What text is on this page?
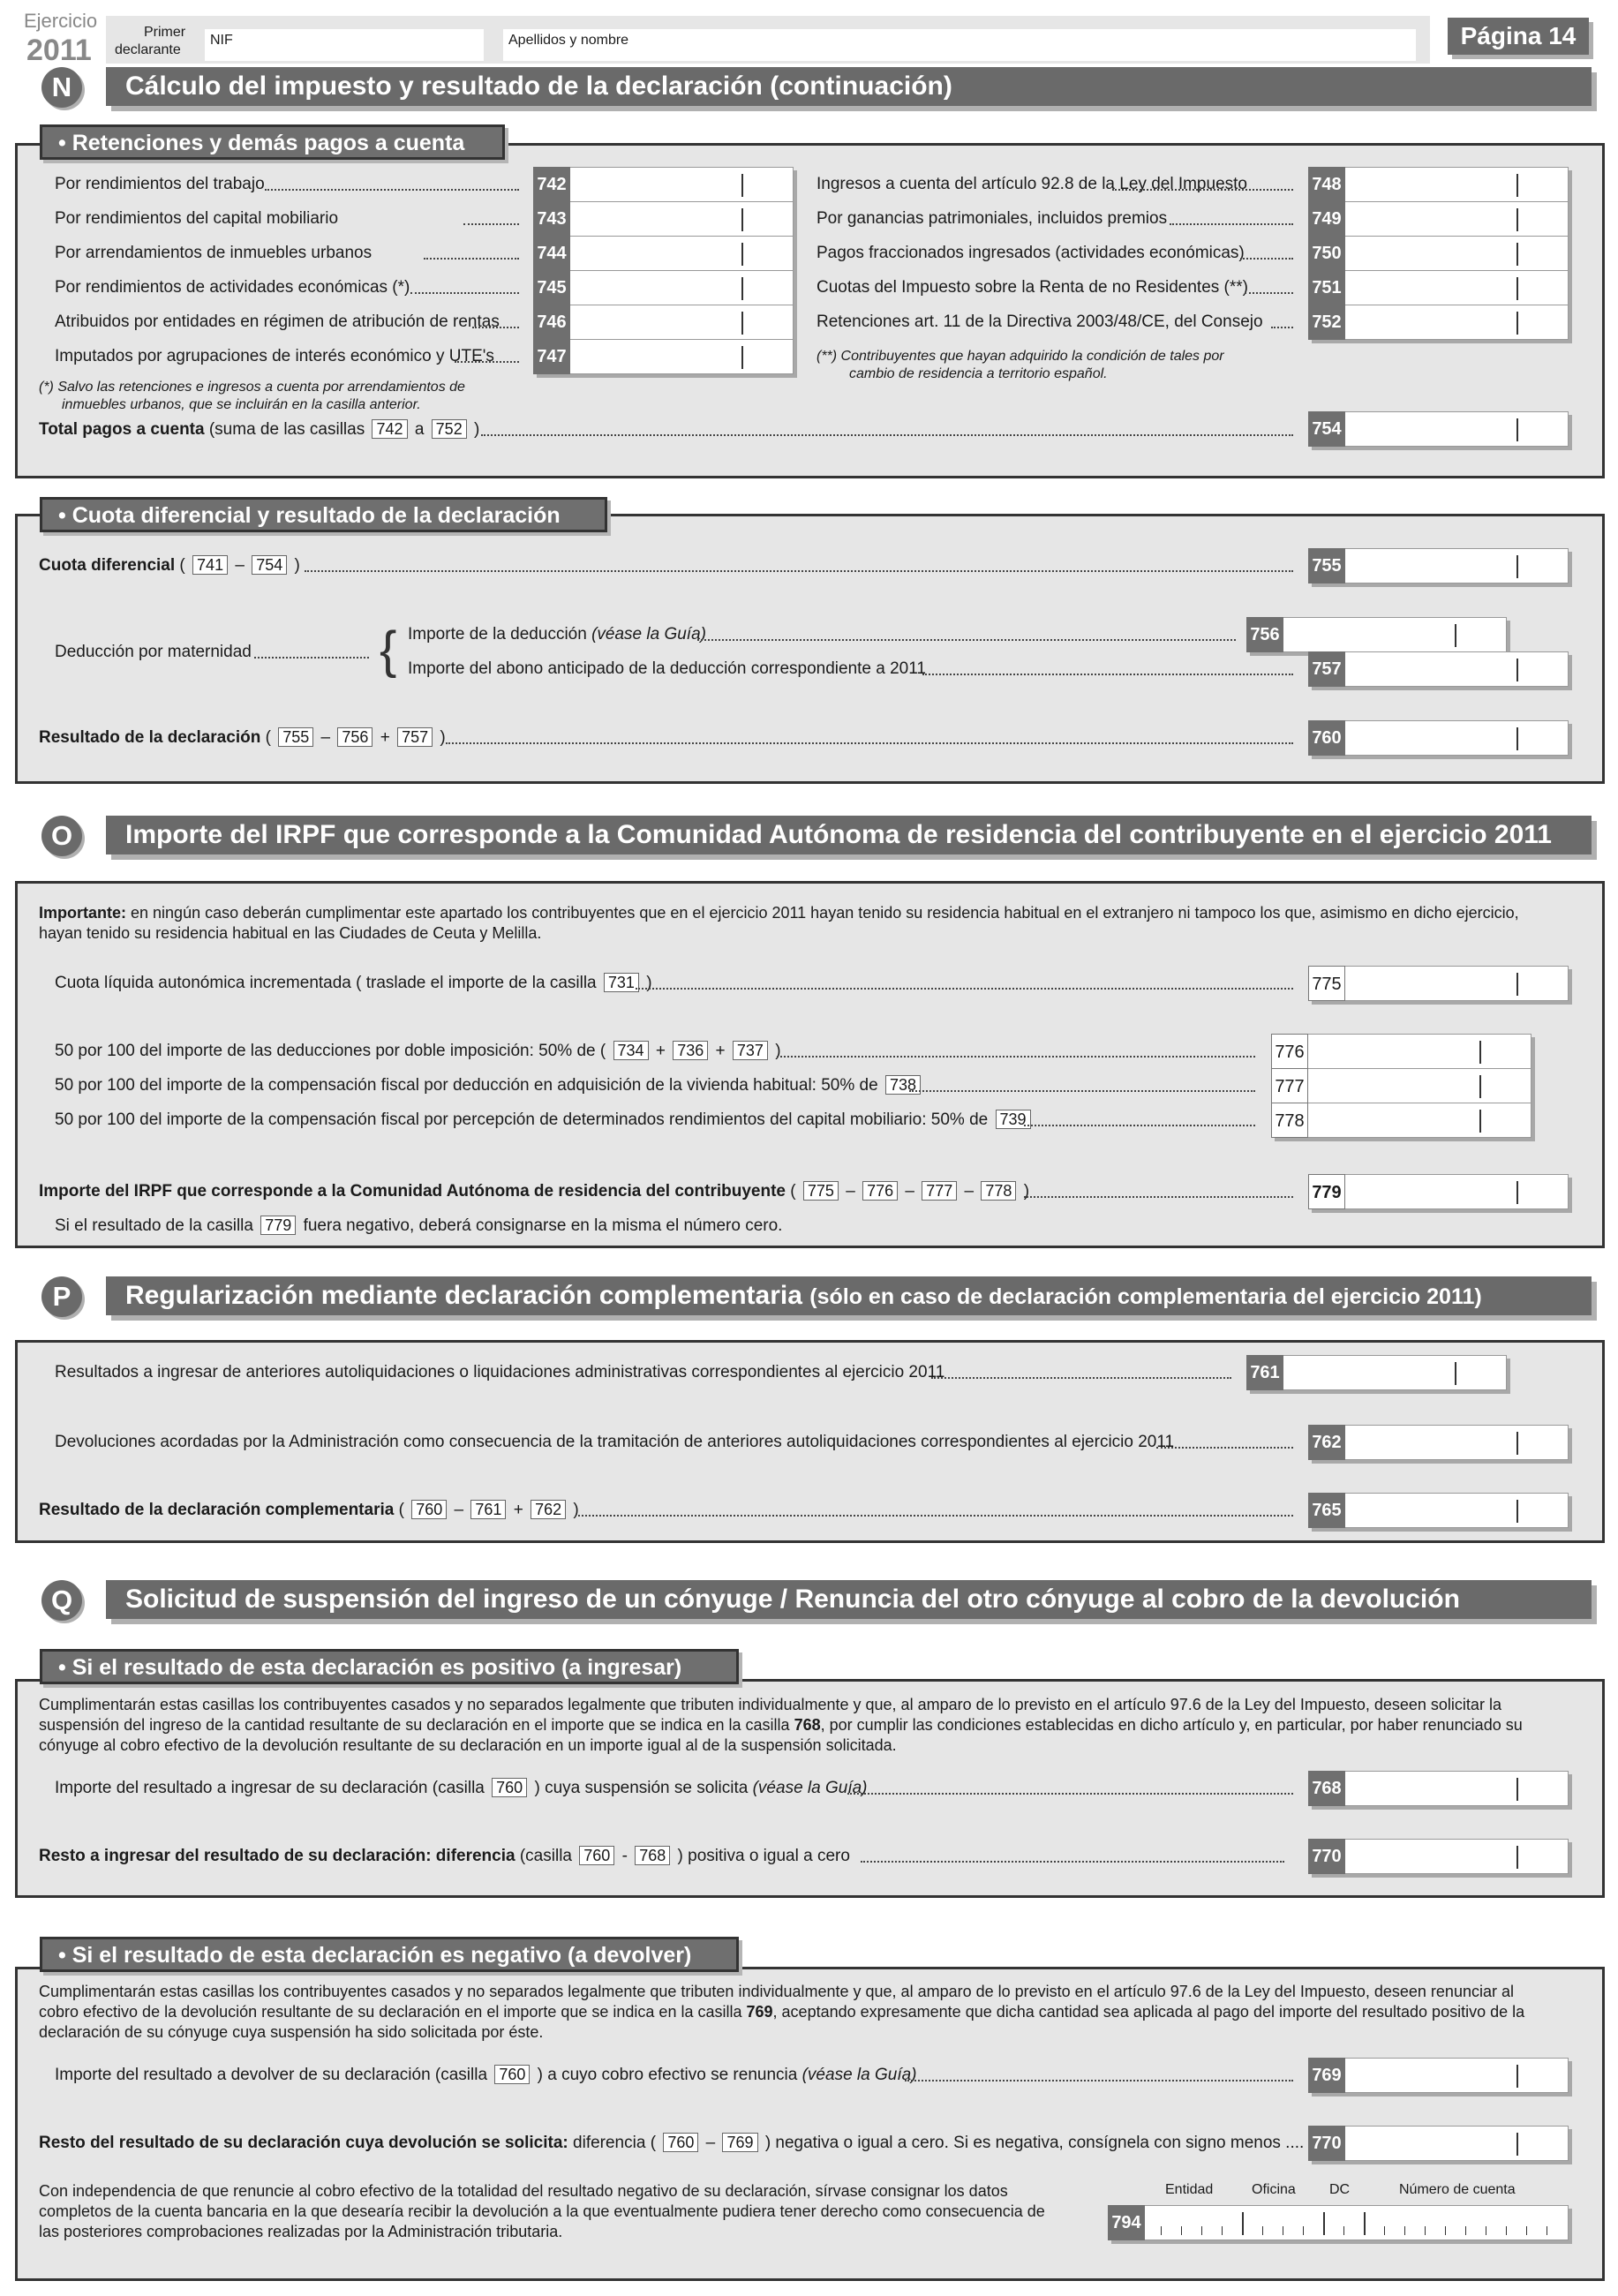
Ejercicio
2011
Primer
declarante
NIF	Apellidos y nombre	Página 14
N	Cálculo del impuesto y resultado de la declaración (continuación)
• Retenciones y demás pagos a cuenta
Por rendimientos del trabajo	742
Por rendimientos del capital mobiliario	743
Por arrendamientos de inmuebles urbanos	744
Por rendimientos de actividades económicas (*)	745
Atribuidos por entidades en régimen de atribución de rentas 746
Imputados por agrupaciones de interés económico y UTE's 747
Ingresos a cuenta del artículo 92.8 de la Ley del Impuesto	748
Por ganancias patrimoniales, incluidos premios	749
Pagos fraccionados ingresados (actividades económicas)	750
Cuotas del Impuesto sobre la Renta de no Residentes (**)	751
Retenciones art. 11 de la Directiva 2003/48/CE, del Consejo	752
(*) Salvo las retenciones e ingresos a cuenta por arrendamientos de
inmuebles urbanos, que se incluirán en la casilla anterior.
(**) Contribuyentes que hayan adquirido la condición de tales por
cambio de residencia a territorio español.
Total pagos a cuenta (suma de las casillas 742 a 752 )	754
• Cuota diferencial y resultado de la declaración
Cuota diferencial ( 741 – 754 )	755
Deducción por maternidad	{ Importe de la deducción (véase la Guía)	756
Importe del abono anticipado de la deducción correspondiente a 2011	757
Resultado de la declaración ( 755 – 756 + 757 )	760
O	Importe del IRPF que corresponde a la Comunidad Autónoma de residencia del contribuyente en el ejercicio 2011
Importante: en ningún caso deberán cumplimentar este apartado los contribuyentes que en el ejercicio 2011 hayan tenido su residencia habitual en el extranjero ni tampoco los que, asimismo en dicho ejercicio,
hayan tenido su residencia habitual en las Ciudades de Ceuta y Melilla.
Cuota líquida autonómica incrementada ( traslade el importe de la casilla 731 )	775
50 por 100 del importe de las deducciones por doble imposición: 50% de ( 734 + 736 + 737 )	776
50 por 100 del importe de la compensación fiscal por deducción en adquisición de la vivienda habitual: 50% de 738	777
50 por 100 del importe de la compensación fiscal por percepción de determinados rendimientos del capital mobiliario: 50% de 739	778
Importe del IRPF que corresponde a la Comunidad Autónoma de residencia del contribuyente ( 775 – 776 – 777 – 778 )	779
Si el resultado de la casilla 779 fuera negativo, deberá consignarse en la misma el número cero.
P	Regularización mediante declaración complementaria (sólo en caso de declaración complementaria del ejercicio 2011)
Resultados a ingresar de anteriores autoliquidaciones o liquidaciones administrativas correspondientes al ejercicio 2011	761
Devoluciones acordadas por la Administración como consecuencia de la tramitación de anteriores autoliquidaciones correspondientes al ejercicio 2011	762
Resultado de la declaración complementaria ( 760 – 761 + 762 )	765
Q	Solicitud de suspensión del ingreso de un cónyuge / Renuncia del otro cónyuge al cobro de la devolución
• Si el resultado de esta declaración es positivo (a ingresar)
Cumplimentarán estas casillas los contribuyentes casados y no separados legalmente que tributen individualmente y que, al amparo de lo previsto en el artículo 97.6 de la Ley del Impuesto, deseen solicitar la
suspensión del ingreso de la cantidad resultante de su declaración en el importe que se indica en la casilla 768, por cumplir las condiciones establecidas en dicho artículo y, en particular, por haber renunciado su
cónyuge al cobro efectivo de la devolución resultante de su declaración en un importe igual al de la suspensión solicitada.
Importe del resultado a ingresar de su declaración (casilla 760 ) cuya suspensión se solicita (véase la Guía)	768
Resto a ingresar del resultado de su declaración: diferencia (casilla 760 - 768 ) positiva o igual a cero	770
• Si el resultado de esta declaración es negativo (a devolver)
Cumplimentarán estas casillas los contribuyentes casados y no separados legalmente que tributen individualmente y que, al amparo de lo previsto en el artículo 97.6 de la Ley del Impuesto, deseen renunciar al
cobro efectivo de la devolución resultante de su declaración en el importe que se indica en la casilla 769, aceptando expresamente que dicha cantidad sea aplicada al pago del importe del resultado positivo de la
declaración de su cónyuge cuya suspensión ha sido solicitada por éste.
Importe del resultado a devolver de su declaración (casilla 760 ) a cuyo cobro efectivo se renuncia (véase la Guía)	769
Resto del resultado de su declaración cuya devolución se solicita: diferencia ( 760 – 769 ) negativa o igual a cero. Si es negativa, consígnela con signo menos .... 770
Con independencia de que renuncie al cobro efectivo de la totalidad del resultado negativo de su declaración, sírvase consignar los datos
completos de la cuenta bancaria en la que desearía recibir la devolución a la que eventualmente pudiera tener derecho como consecuencia de
las posteriores comprobaciones realizadas por la Administración tributaria.
Entidad	Oficina DC	Número de cuenta
794
